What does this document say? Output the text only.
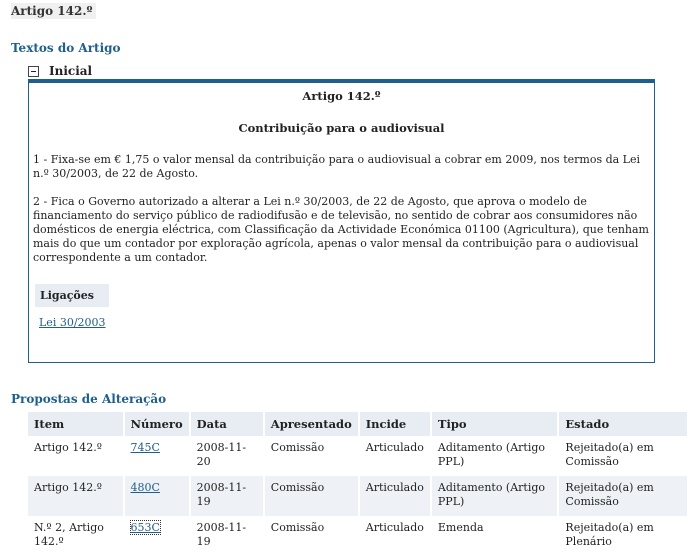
Artigo 142.º
Textos do Artigo
Inicial
Artigo 142.º
Contribuição para o audiovisual
1 - Fixa-se em € 1,75 o valor mensal da contribuição para o audiovisual a cobrar em 2009, nos termos da Lei n.º 30/2003, de 22 de Agosto.
2 - Fica o Governo autorizado a alterar a Lei n.º 30/2003, de 22 de Agosto, que aprova o modelo de financiamento do serviço público de radiodifusão e de televisão, no sentido de cobrar aos consumidores não domésticos de energia eléctrica, com Classificação da Actividade Económica 01100 (Agricultura), que tenham mais do que um contador por exploração agrícola, apenas o valor mensal da contribuição para o audiovisual correspondente a um contador.
Ligações
Lei 30/2003
Propostas de Alteração
Item	Número	Data	Apresentado	Incide	Tipo	Estado
Artigo 142.º	745C	2008-11-20	Comissão	Articulado	Aditamento (Artigo PPL)	Rejeitado(a) em Comissão
Artigo 142.º	480C	2008-11-19	Comissão	Articulado	Aditamento (Artigo PPL)	Rejeitado(a) em Comissão
N.º 2, Artigo 142.º	653C	2008-11-19	Comissão	Articulado	Emenda	Rejeitado(a) em Plenário
